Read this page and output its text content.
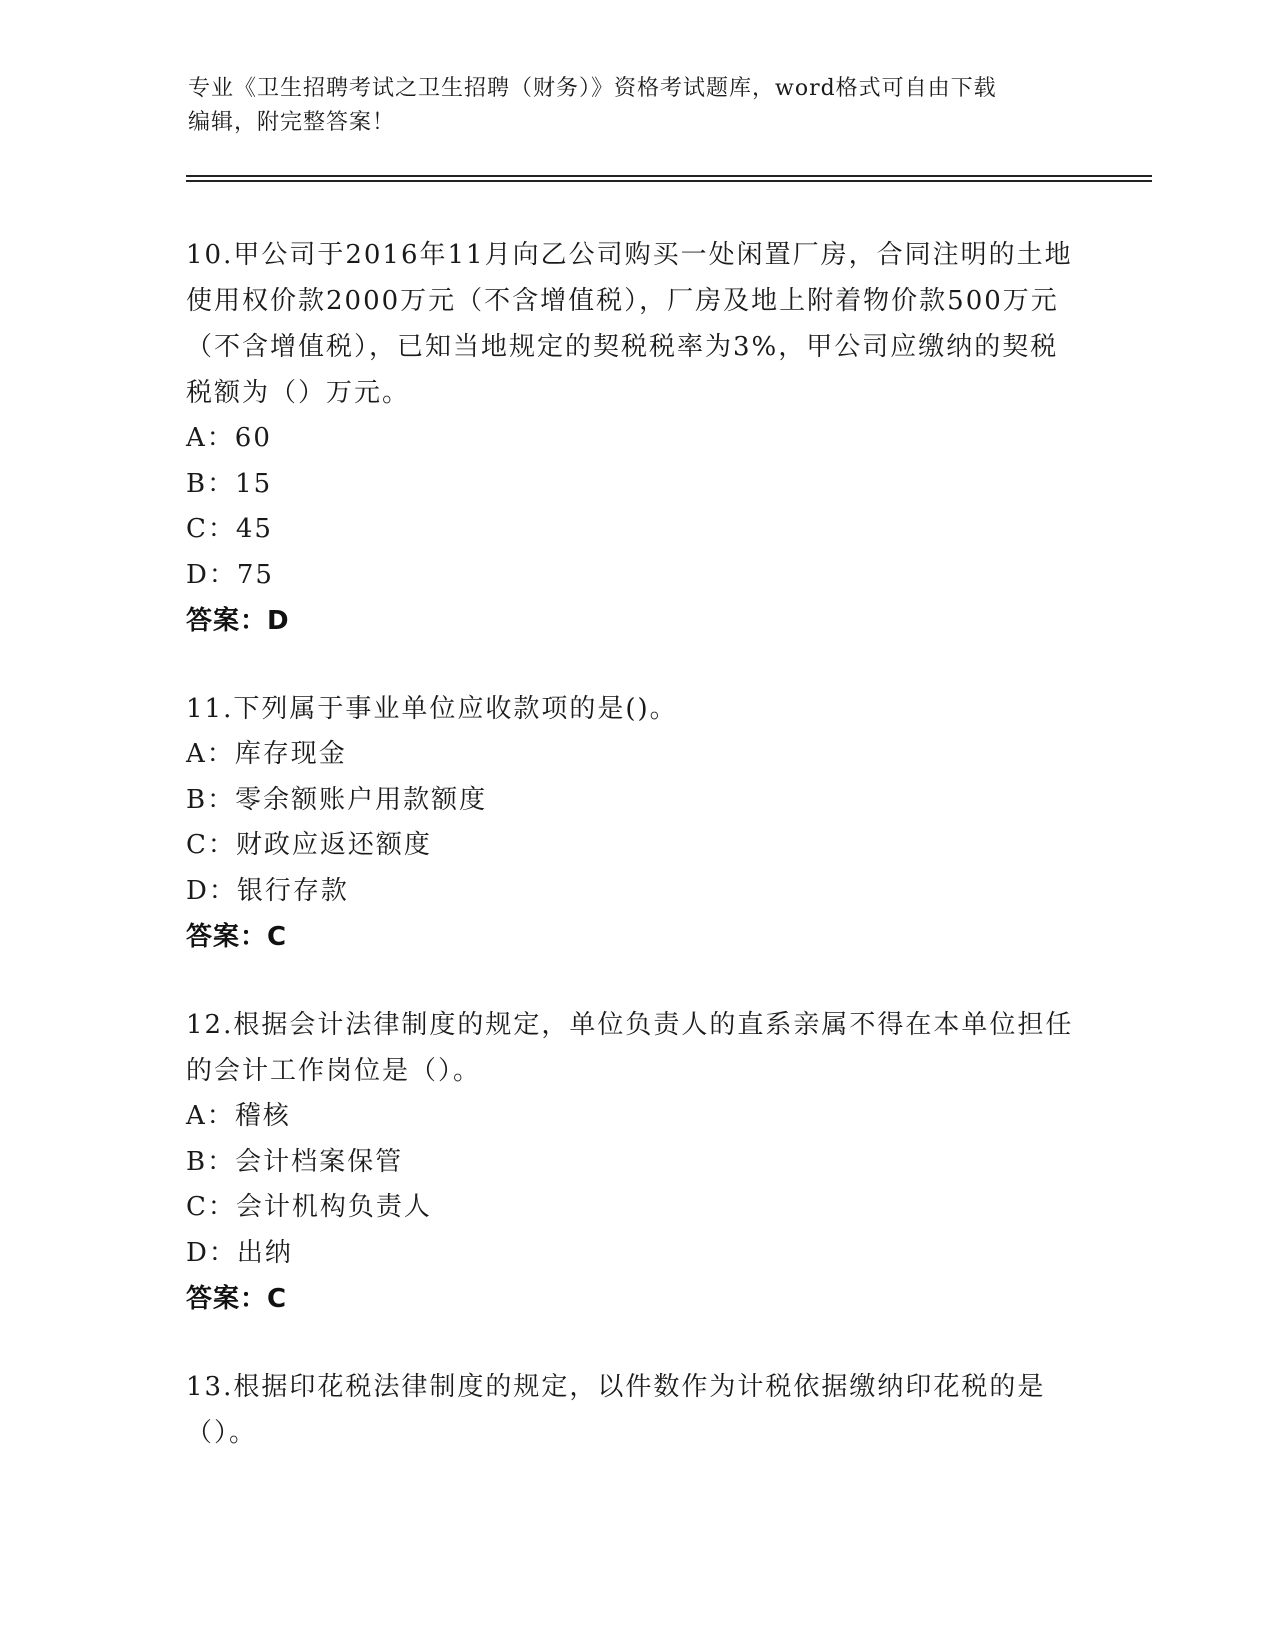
专业《卫生招聘考试之卫生招聘（财务）》资格考试题库，word格式可自由下载
编辑，附完整答案！
10.甲公司于2016年11月向乙公司购买一处闲置厂房，合同注明的土地使用权价款2000万元（不含增值税），厂房及地上附着物价款500万元（不含增值税），已知当地规定的契税税率为3%，甲公司应缴纳的契税税额为（）万元。
A：60
B：15
C：45
D：75
答案：D
11.下列属于事业单位应收款项的是()。
A：库存现金
B：零余额账户用款额度
C：财政应返还额度
D：银行存款
答案：C
12.根据会计法律制度的规定，单位负责人的直系亲属不得在本单位担任的会计工作岗位是（）。
A：稽核
B：会计档案保管
C：会计机构负责人
D：出纳
答案：C
13.根据印花税法律制度的规定，以件数作为计税依据缴纳印花税的是（）。
